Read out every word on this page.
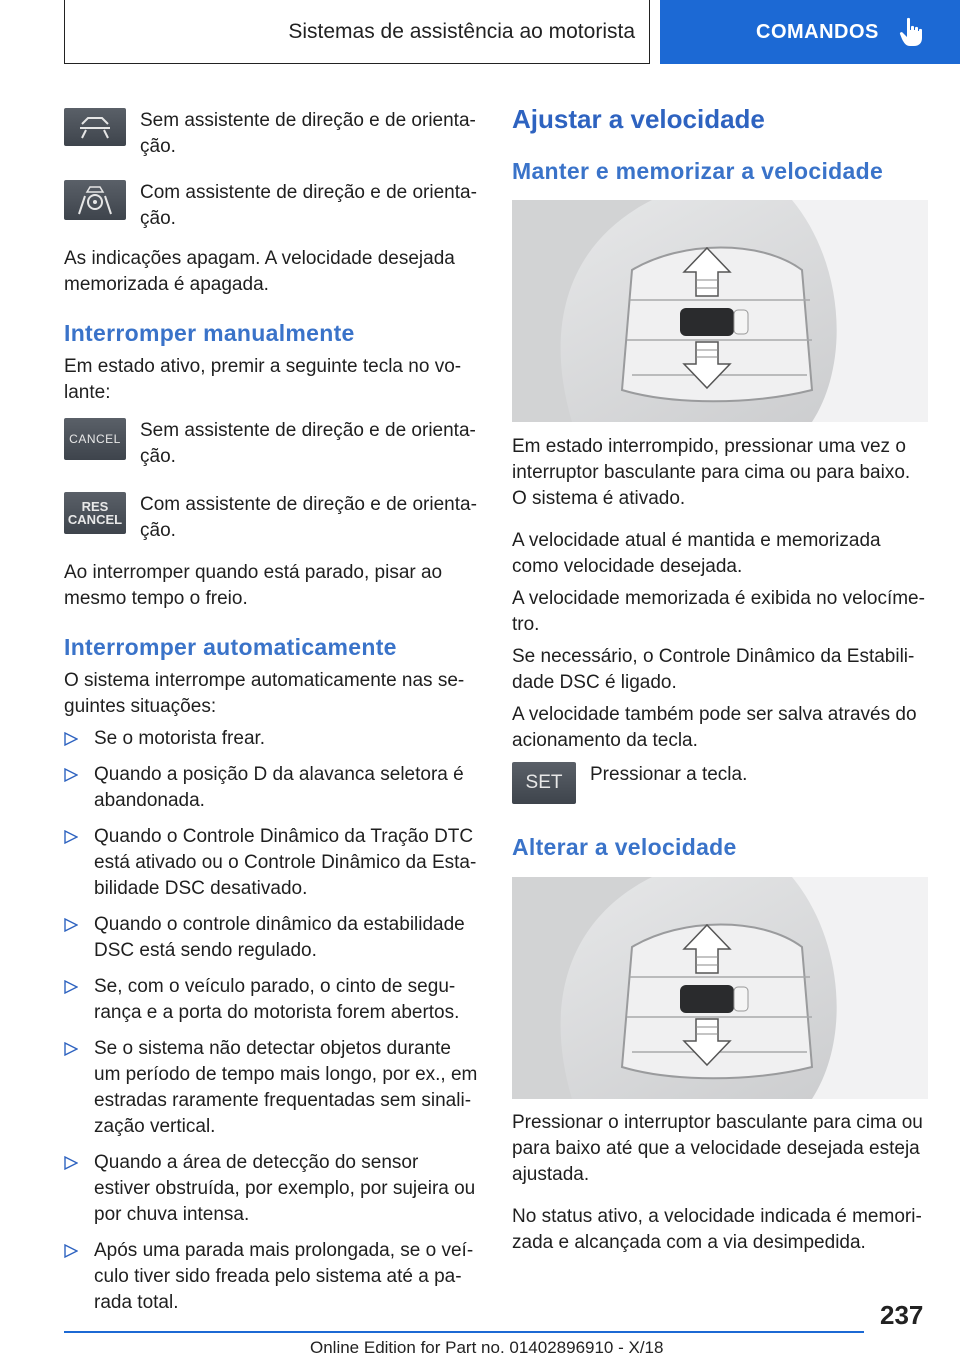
Sistemas de assistência ao motorista	COMANDOS

Sem assistente de direção e de orientação.

Com assistente de direção e de orientação.

As indicações apagam. A velocidade desejada memorizada é apagada.

Interromper manualmente

Em estado ativo, premir a seguinte tecla no volante:

CANCEL Sem assistente de direção e de orientação.

RES
CANCEL

Com assistente de direção e de orientação.

Ao interromper quando está parado, pisar ao mesmo tempo o freio.

Interromper automaticamente

O sistema interrompe automaticamente nas seguintes situações:

Se o motorista frear.
Quando a posição D da alavanca seletora é abandonada.
Quando o Controle Dinâmico da Tração DTC está ativado ou o Controle Dinâmico da Estabilidade DSC desativado.
Quando o controle dinâmico da estabilidade DSC está sendo regulado.
Se, com o veículo parado, o cinto de segurança e a porta do motorista forem abertos.
Se o sistema não detectar objetos durante um período de tempo mais longo, por ex., em estradas raramente frequentadas sem sinalização vertical.
Quando a área de detecção do sensor estiver obstruída, por exemplo, por sujeira ou por chuva intensa.
Após uma parada mais prolongada, se o veículo tiver sido freada pelo sistema até a parada total.
Ajustar a velocidade
Manter e memorizar a velocidade

Em estado interrompido, pressionar uma vez o interruptor basculante para cima ou para baixo. O sistema é ativado.

A velocidade atual é mantida e memorizada como velocidade desejada.

A velocidade memorizada é exibida no velocímetro.

Se necessário, o Controle Dinâmico da Estabilidade DSC é ligado.

A velocidade também pode ser salva através do acionamento da tecla.

SET	Pressionar a tecla.

Alterar a velocidade

Pressionar o interruptor basculante para cima ou para baixo até que a velocidade desejada esteja ajustada.

No status ativo, a velocidade indicada é memorizada e alcançada com a via desimpedida.

237
Online Edition for Part no. 01402896910 - X/18
